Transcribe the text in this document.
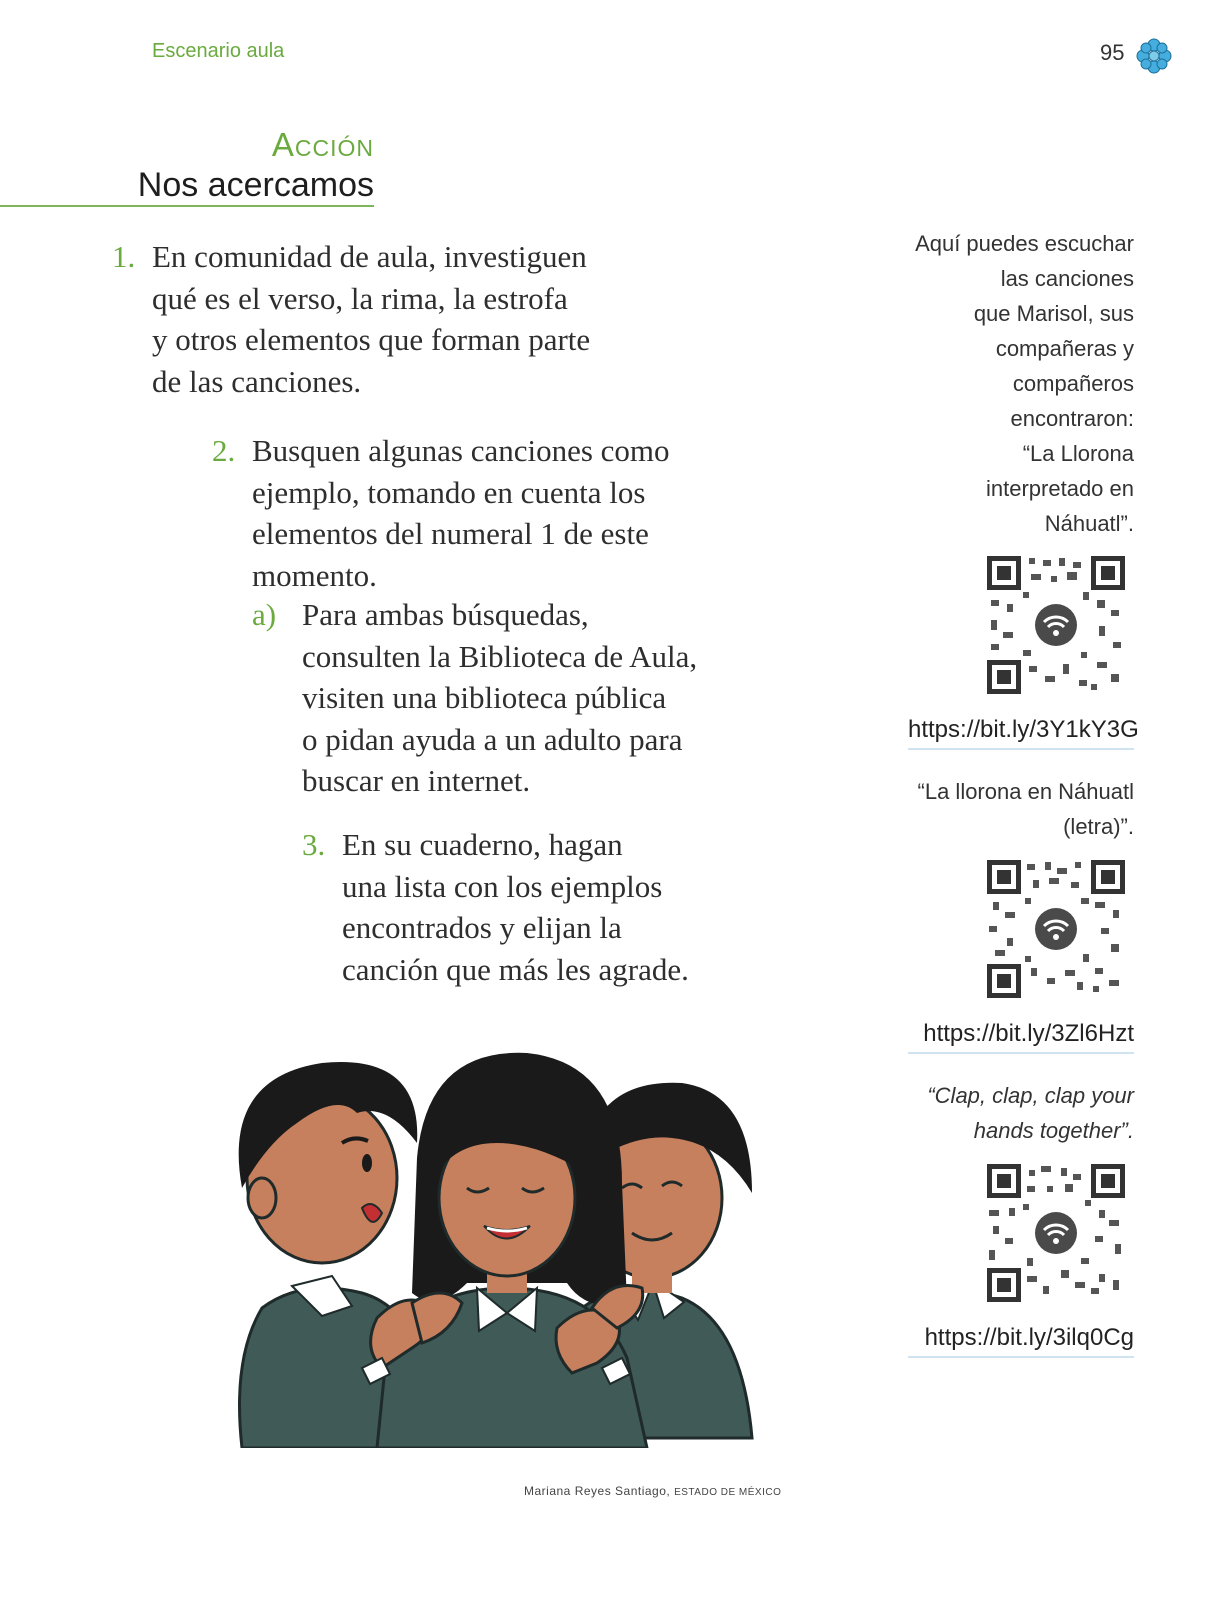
Escenario aula	95
Acción
Nos acercamos
1. En comunidad de aula, investiguen
qué es el verso, la rima, la estrofa
y otros elementos que forman parte
de las canciones.
2. Busquen algunas canciones como
ejemplo, tomando en cuenta los
elementos del numeral 1 de este
momento.
a) Para ambas búsquedas,
consulten la Biblioteca de Aula,
visiten una biblioteca pública
o pidan ayuda a un adulto para
buscar en internet.
3. En su cuaderno, hagan
una lista con los ejemplos
encontrados y elijan la
canción que más les agrade.
Aquí puedes escuchar
las canciones
que Marisol, sus
compañeras y
compañeros
encontraron:
“La Llorona
interpretado en
Náhuatl”.
https://bit.ly/3Y1kY3G
“La llorona en Náhuatl
(letra)”.
https://bit.ly/3Zl6Hzt
“Clap, clap, clap your
hands together”.
https://bit.ly/3ilq0Cg
Mariana Reyes Santiago, ESTADO DE MÉXICO
